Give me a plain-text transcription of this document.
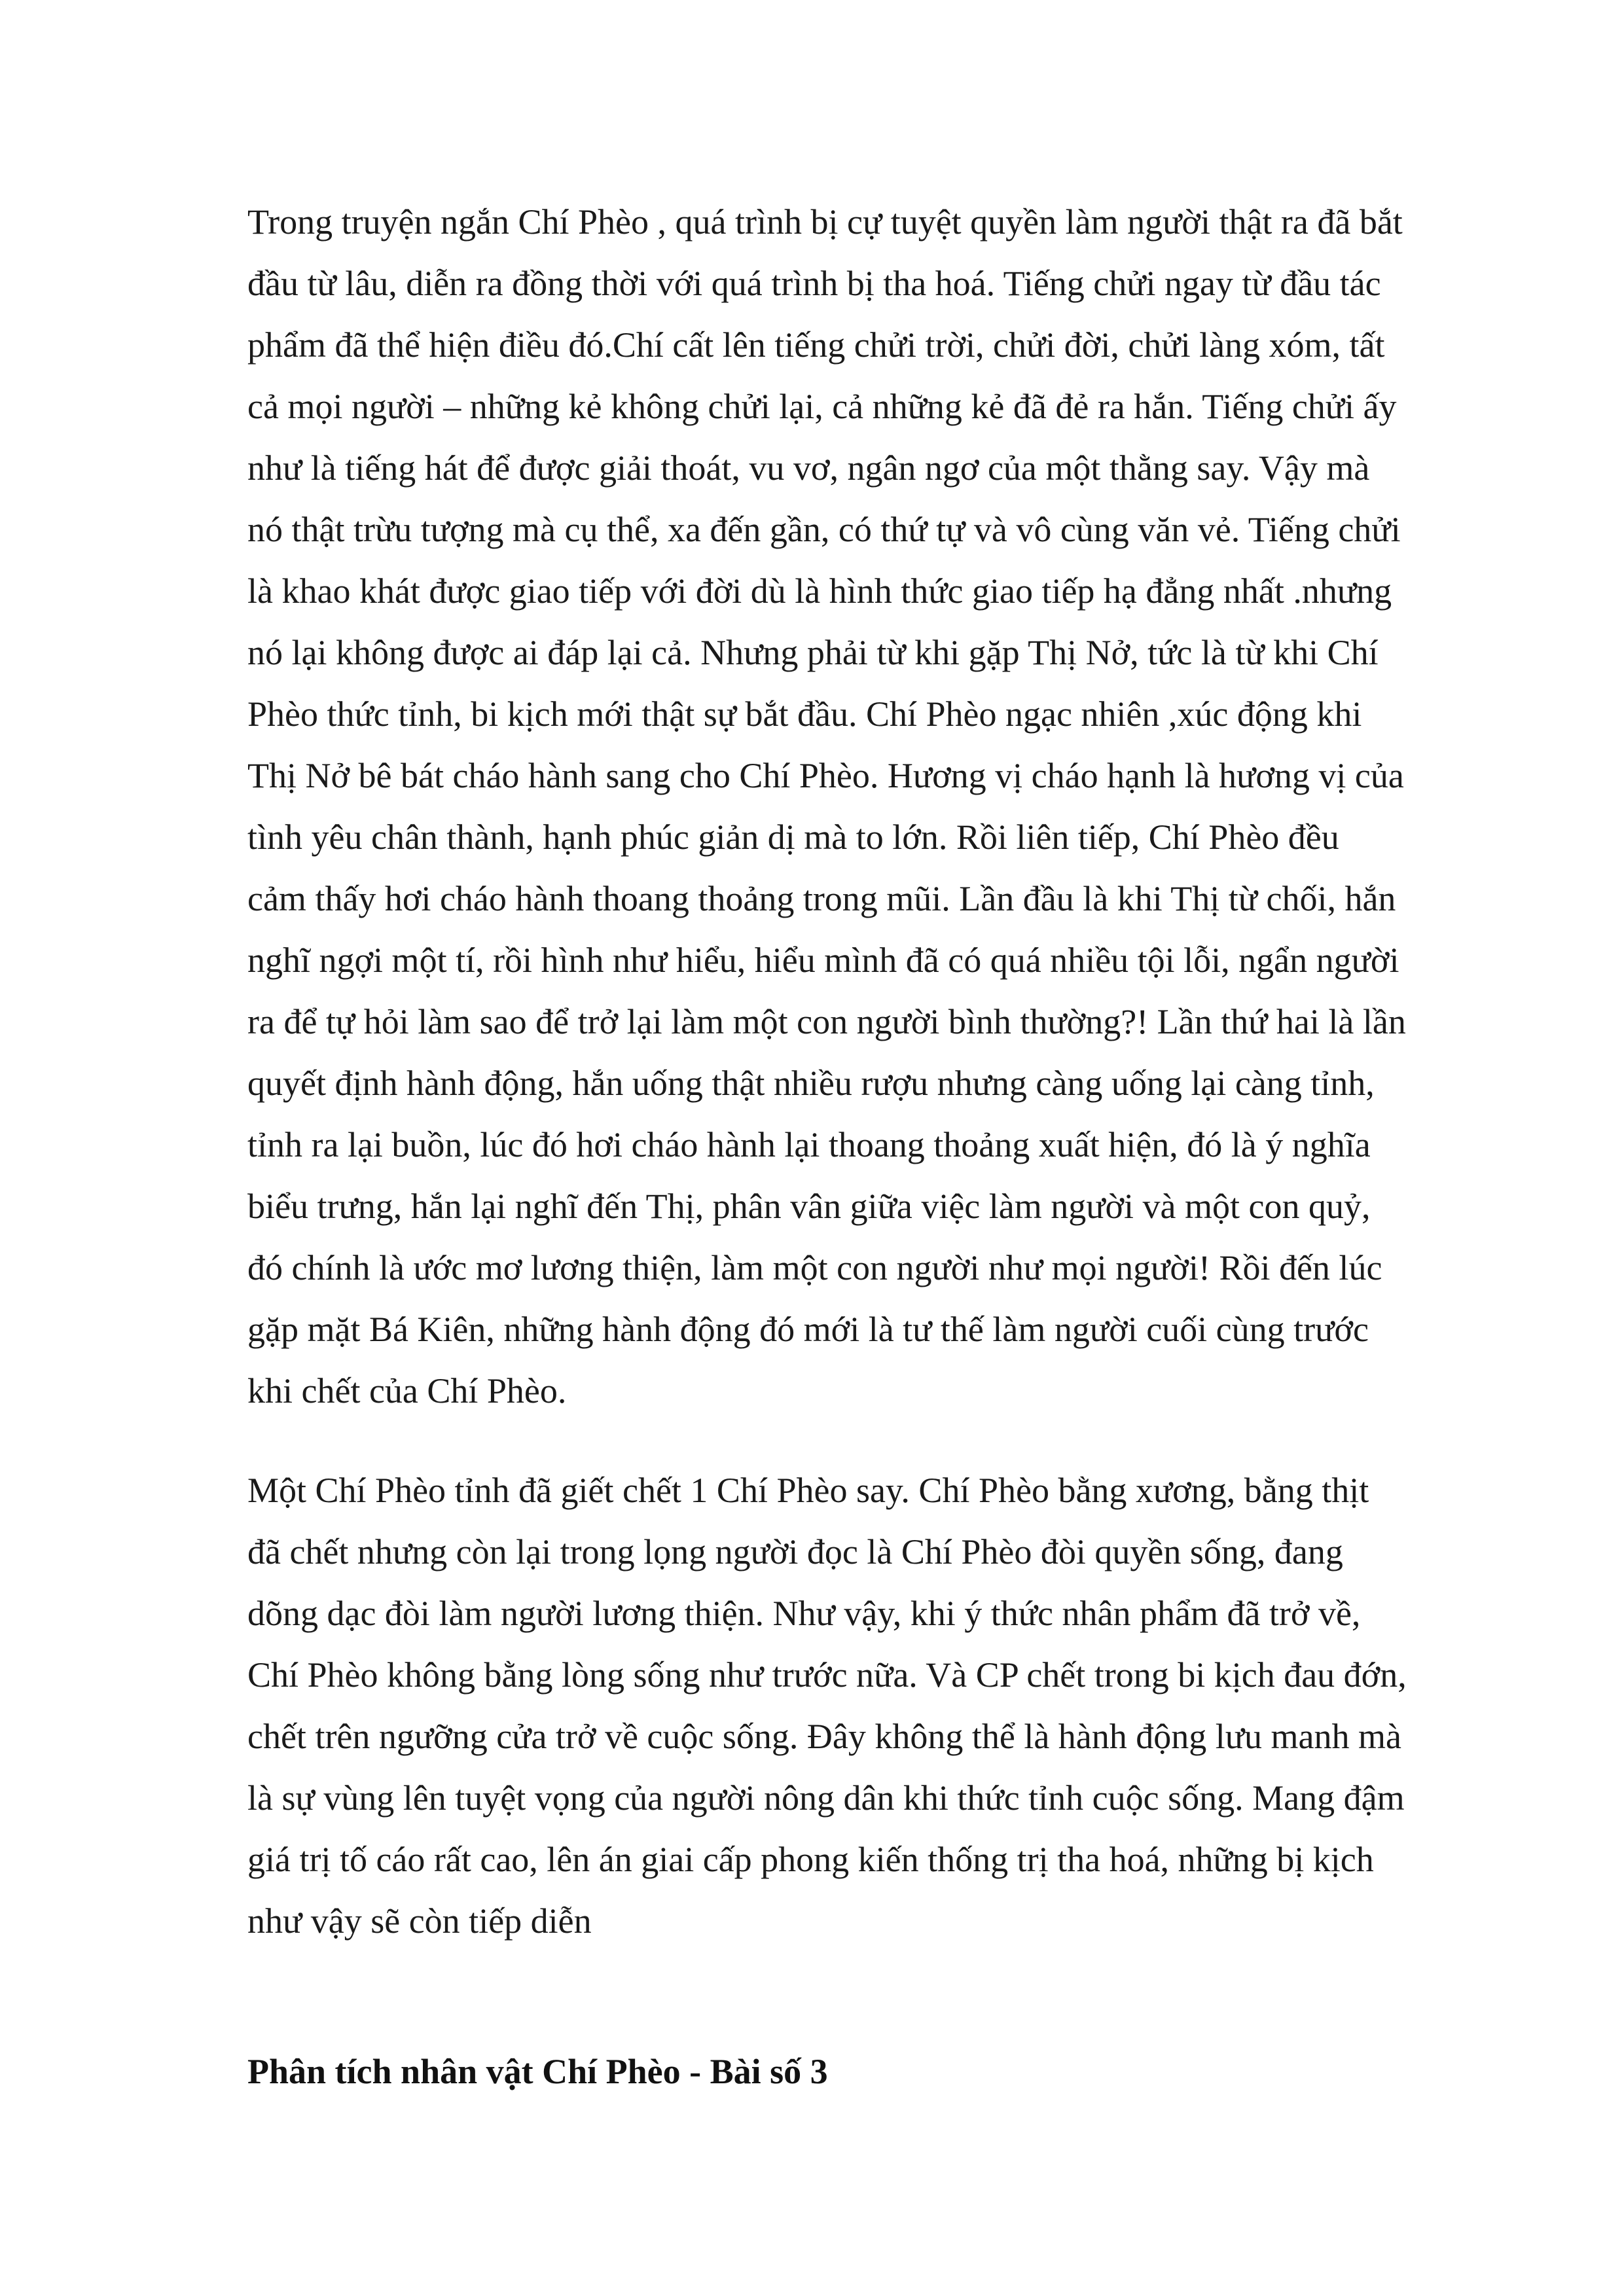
Trong truyện ngắn Chí Phèo , quá trình bị cự tuyệt quyền làm người thật ra đã bắt
đầu từ lâu, diễn ra đồng thời với quá trình bị tha hoá. Tiếng chửi ngay từ đầu tác
phẩm đã thể hiện điều đó.Chí cất lên tiếng chửi trời, chửi đời, chửi làng xóm, tất
cả mọi người – những kẻ không chửi lại, cả những kẻ đã đẻ ra hắn. Tiếng chửi ấy
như là tiếng hát để được giải thoát, vu vơ, ngân ngơ của một thằng say. Vậy mà
nó thật trừu tượng mà cụ thể, xa đến gần, có thứ tự và vô cùng văn vẻ. Tiếng chửi
là khao khát được giao tiếp với đời dù là hình thức giao tiếp hạ đẳng nhất .nhưng
nó lại không được ai đáp lại cả. Nhưng phải từ khi gặp Thị Nở, tức là từ khi Chí
Phèo thức tỉnh, bi kịch mới thật sự bắt đầu. Chí Phèo ngạc nhiên ,xúc động khi
Thị Nở bê bát cháo hành sang cho Chí Phèo. Hương vị cháo hạnh là hương vị của
tình yêu chân thành, hạnh phúc giản dị mà to lớn. Rồi liên tiếp, Chí Phèo đều
cảm thấy hơi cháo hành thoang thoảng trong mũi. Lần đầu là khi Thị từ chối, hắn
nghĩ ngợi một tí, rồi hình như hiểu, hiểu mình đã có quá nhiều tội lỗi, ngẩn người
ra để tự hỏi làm sao để trở lại làm một con người bình thường?! Lần thứ hai là lần
quyết định hành động, hắn uống thật nhiều rượu nhưng càng uống lại càng tỉnh,
tỉnh ra lại buồn, lúc đó hơi cháo hành lại thoang thoảng xuất hiện, đó là ý nghĩa
biểu trưng, hắn lại nghĩ đến Thị, phân vân giữa việc làm người và một con quỷ,
đó chính là ước mơ lương thiện, làm một con người như mọi người! Rồi đến lúc
gặp mặt Bá Kiên, những hành động đó mới là tư thế làm người cuối cùng trước
khi chết của Chí Phèo.

Một Chí Phèo tỉnh đã giết chết 1 Chí Phèo say. Chí Phèo bằng xương, bằng thịt
đã chết nhưng còn lại trong lọng người đọc là Chí Phèo đòi quyền sống, đang
dõng dạc đòi làm người lương thiện. Như vậy, khi ý thức nhân phẩm đã trở về,
Chí Phèo không bằng lòng sống như trước nữa. Và CP chết trong bi kịch đau đớn,
chết trên ngưỡng cửa trở về cuộc sống. Đây không thể là hành động lưu manh mà
là sự vùng lên tuyệt vọng của người nông dân khi thức tỉnh cuộc sống. Mang đậm
giá trị tố cáo rất cao, lên án giai cấp phong kiến thống trị tha hoá, những bị kịch
như vậy sẽ còn tiếp diễn

Phân tích nhân vật Chí Phèo - Bài số 3
